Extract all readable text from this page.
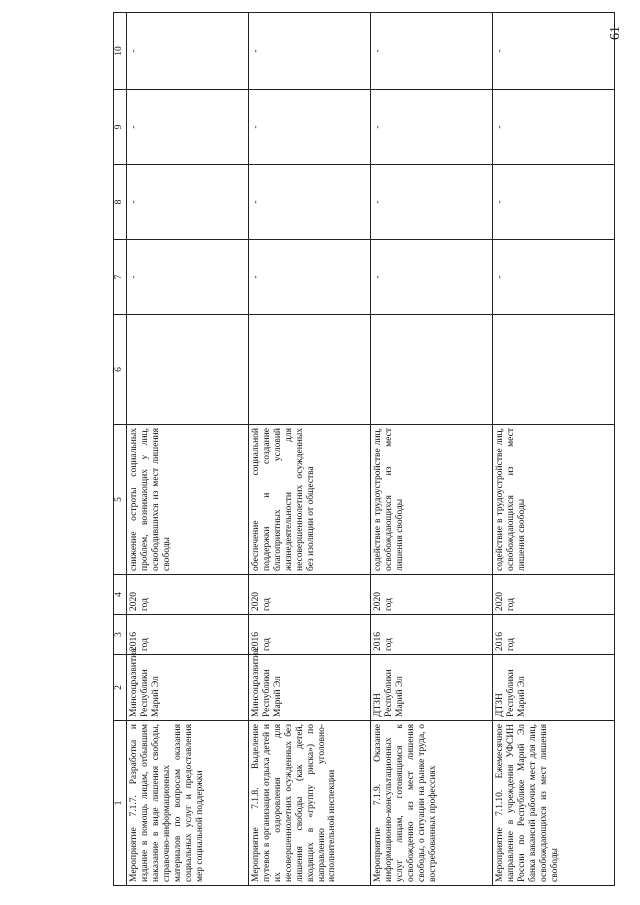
61
1	2	3	4	5	6	7	8	9	10
Мероприятие 7.1.7. Разработка и издание в помощь лицам, отбывшим наказание в виде лишения свободы, справочно-информационных материалов по вопросам оказания социальных услуг и предоставления мер социальной поддержки	Минсоцразвития Республики Марий Эл	2016 год	2020 год	снижение остроты социальных проблем, возникающих у лиц, освободившихся из мест лишения свободы		-	-	-	-
Мероприятие 7.1.8. Выделение путевок в организации отдыха детей и их оздоровления для несовершеннолетних осужденных без лишения свободы (как детей, входящих в «группу риска») по направлению уголовно-исполнительной инспекции	Минсоцразвития Республики Марий Эл	2016 год	2020 год	обеспечение социальной поддержки и создание благоприятных условий жизнедеятельности для несовершеннолетних осужденных без изоляции от общества		-	-	-	-
Мероприятие 7.1.9. Оказание информационно-консультационных услуг лицам, готовящимся к освобождению из мест лишения свободы, о ситуации на рынке труда, о востребованных профессиях	ДТЗН Республики Марий Эл	2016 год	2020 год	содействие в трудоустройстве лиц, освобождающихся из мест лишения свободы		-	-	-	-
Мероприятие 7.1.10. Ежемесячное направление в учреждения УФСИН России по Республике Марий Эл банка вакансий рабочих мест для лиц, освобождающихся из мест лишения свободы	ДТЗН Республики Марий Эл	2016 год	2020 год	содействие в трудоустройстве лиц, освобождающихся из мест лишения свободы		-	-	-	-
